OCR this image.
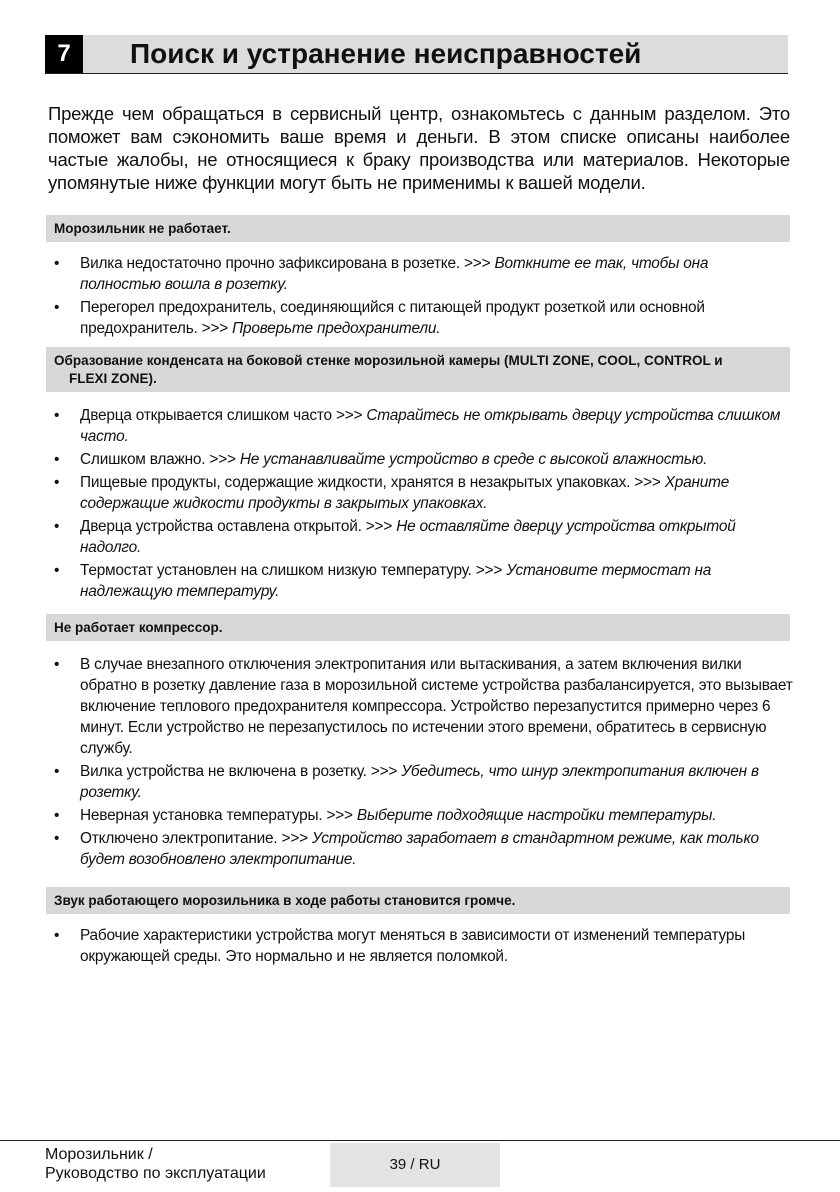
7	Поиск и устранение неисправностей

Прежде чем обращаться в сервисный центр, ознакомьтесь с данным разделом. Это поможет вам сэкономить ваше время и деньги. В этом списке описаны наиболее частые жалобы, не относящиеся к браку производства или материалов. Некоторые упомянутые ниже функции могут быть не применимы к вашей модели.

Морозильник не работает.
• Вилка недостаточно прочно зафиксирована в розетке. >>> Воткните ее так, чтобы она полностью вошла в розетку.
• Перегорел предохранитель, соединяющийся с питающей продукт розеткой или основной предохранитель. >>> Проверьте предохранители.
Образование конденсата на боковой стенке морозильной камеры (MULTI ZONE, COOL, CONTROL и
FLEXI ZONE).
• Дверца открывается слишком часто >>> Старайтесь не открывать дверцу устройства слишком часто.
• Слишком влажно. >>> Не устанавливайте устройство в среде с высокой влажностью.
• Пищевые продукты, содержащие жидкости, хранятся в незакрытых упаковках. >>> Храните содержащие жидкости продукты в закрытых упаковках.
• Дверца устройства оставлена открытой. >>> Не оставляйте дверцу устройства открытой надолго.
• Термостат установлен на слишком низкую температуру. >>> Установите термостат на надлежащую температуру.
Не работает компрессор.
• В случае внезапного отключения электропитания или вытаскивания, а затем включения вилки обратно в розетку давление газа в морозильной системе устройства разбалансируется, это вызывает включение теплового предохранителя компрессора. Устройство перезапустится примерно через 6 минут. Если устройство не перезапустилось по истечении этого времени, обратитесь в сервисную службу.
• Вилка устройства не включена в розетку. >>> Убедитесь, что шнур электропитания включен в розетку.
• Неверная установка температуры. >>> Выберите подходящие настройки температуры.
• Отключено электропитание. >>> Устройство заработает в стандартном режиме, как только будет возобновлено электропитание.
Звук работающего морозильника в ходе работы становится громче.
• Рабочие характеристики устройства могут меняться в зависимости от изменений температуры окружающей среды. Это нормально и не является поломкой.
Морозильник /
Руководство по эксплуатации
39 / RU
